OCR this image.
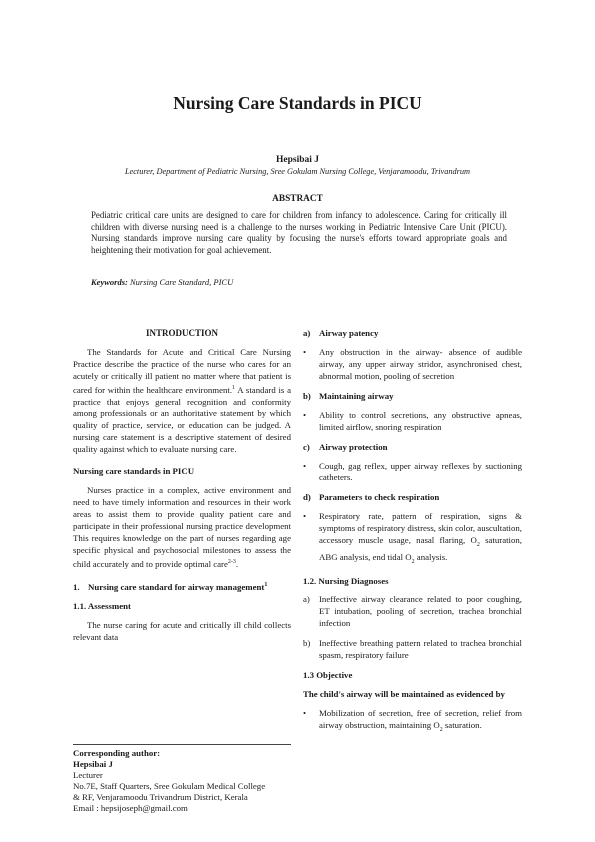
Nursing Care Standards in PICU
Hepsibai J
Lecturer, Department of Pediatric Nursing, Sree Gokulam Nursing College, Venjaramoodu, Trivandrum
ABSTRACT

Pediatric critical care units are designed to care for children from infancy to adolescence. Caring for critically ill children with diverse nursing need is a challenge to the nurses working in Pediatric Intensive Care Unit (PICU). Nursing standards improve nursing care quality by focusing the nurse's efforts toward appropriate goals and heightening their motivation for goal achievement.

Keywords: Nursing Care Standard, PICU
INTRODUCTION

The Standards for Acute and Critical Care Nursing Practice describe the practice of the nurse who cares for an acutely or critically ill patient no matter where that patient is cared for within the healthcare environment.$^1$ A standard is a practice that enjoys general recognition and conformity among professionals or an authoritative statement by which quality of practice, service, or education can be judged. A nursing care statement is a descriptive statement of desired quality against which to evaluate nursing care.

Nursing care standards in PICU

Nurses practice in a complex, active environment and need to have timely information and resources in their work areas to assist them to provide quality patient care and participate in their professional nursing practice development This requires knowledge on the part of nurses regarding age specific physical and psychosocial milestones to assess the child accurately and to provide optimal care$^{2-3}$.

1. Nursing care standard for airway management$^1$
1.1. Assessment

The nurse caring for acute and critically ill child collects relevant data

Corresponding author:
Hepsibai J
Lecturer
No.7E, Staff Quarters, Sree Gokulam Medical College
& RF, Venjaramoodu Trivandrum District, Kerala
Email : hepsijoseph@gmail.com
a) Airway patency
•	Any obstruction in the airway- absence of audible airway, any upper airway stridor, asynchronised chest, abnormal motion, pooling of secretion
b) Maintaining airway
•	Ability to control secretions, any obstructive apneas, limited airflow, snoring respiration
c)	Airway protection
•	Cough, gag reflex, upper airway reflexes by suctioning catheters.
d) Parameters to check respiration
•	Respiratory rate, pattern of respiration, signs & symptoms of respiratory distress, skin color, auscultation, accessory muscle usage, nasal flaring, $O_2$ saturation, ABG analysis, end tidal $O_2$ analysis.
1.2. Nursing Diagnoses
a)	Ineffective airway clearance related to poor coughing, ET intubation, pooling of secretion, trachea bronchial infection
b) Ineffective breathing pattern related to trachea bronchial spasm, respiratory failure
1.3 Objective
The child's airway will be maintained as evidenced by
•	Mobilization of secretion, free of secretion, relief from airway obstruction, maintaining $O_2$ saturation.
